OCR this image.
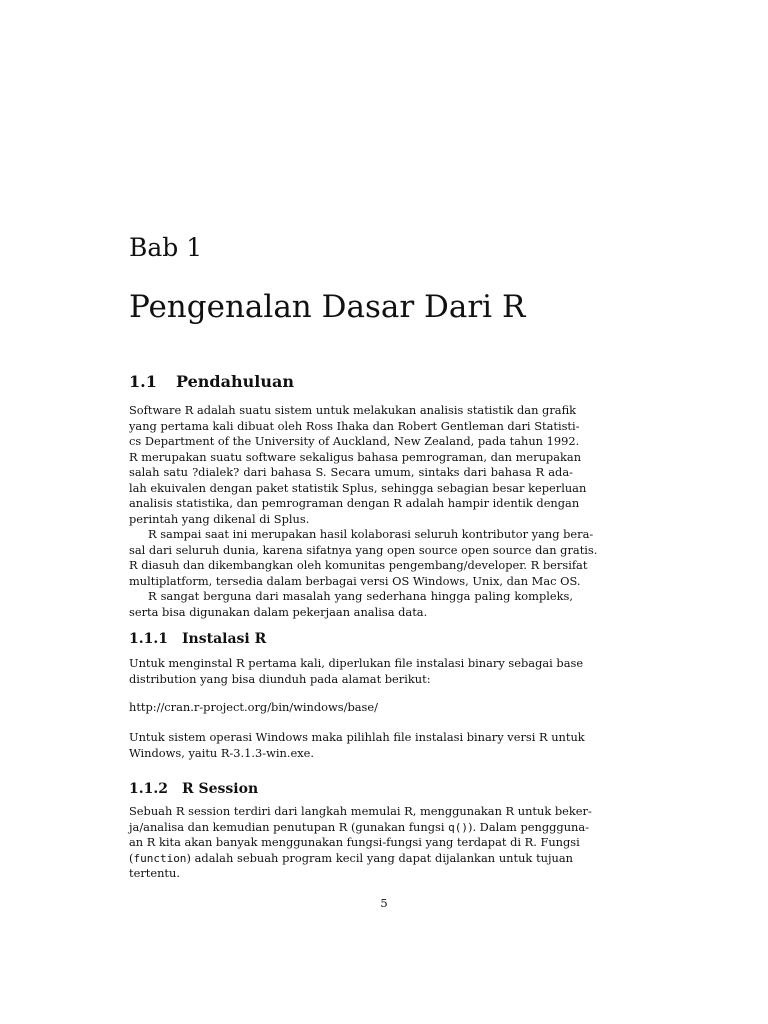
Bab 1
Pengenalan Dasar Dari R
1.1 Pendahuluan
Software R adalah suatu sistem untuk melakukan analisis statistik dan grafik
yang pertama kali dibuat oleh Ross Ihaka dan Robert Gentleman dari Statisti-
cs Department of the University of Auckland, New Zealand, pada tahun 1992.
R merupakan suatu software sekaligus bahasa pemrograman, dan merupakan
salah satu ?dialek? dari bahasa S. Secara umum, sintaks dari bahasa R ada-
lah ekuivalen dengan paket statistik Splus, sehingga sebagian besar keperluan
analisis statistika, dan pemrograman dengan R adalah hampir identik dengan
perintah yang dikenal di Splus.
R sampai saat ini merupakan hasil kolaborasi seluruh kontributor yang bera-
sal dari seluruh dunia, karena sifatnya yang open source open source dan gratis.
R diasuh dan dikembangkan oleh komunitas pengembang/developer. R bersifat
multiplatform, tersedia dalam berbagai versi OS Windows, Unix, dan Mac OS.
R sangat berguna dari masalah yang sederhana hingga paling kompleks,
serta bisa digunakan dalam pekerjaan analisa data.
1.1.1 Instalasi R
Untuk menginstal R pertama kali, diperlukan file instalasi binary sebagai base
distribution yang bisa diunduh pada alamat berikut:
http://cran.r-project.org/bin/windows/base/
Untuk sistem operasi Windows maka pilihlah file instalasi binary versi R untuk
Windows, yaitu R-3.1.3-win.exe.
1.1.2 R Session
Sebuah R session terdiri dari langkah memulai R, menggunakan R untuk beker-
ja/analisa dan kemudian penutupan R (gunakan fungsi q()). Dalam penggguna-
an R kita akan banyak menggunakan fungsi-fungsi yang terdapat di R. Fungsi
(function) adalah sebuah program kecil yang dapat dijalankan untuk tujuan
tertentu.
5
